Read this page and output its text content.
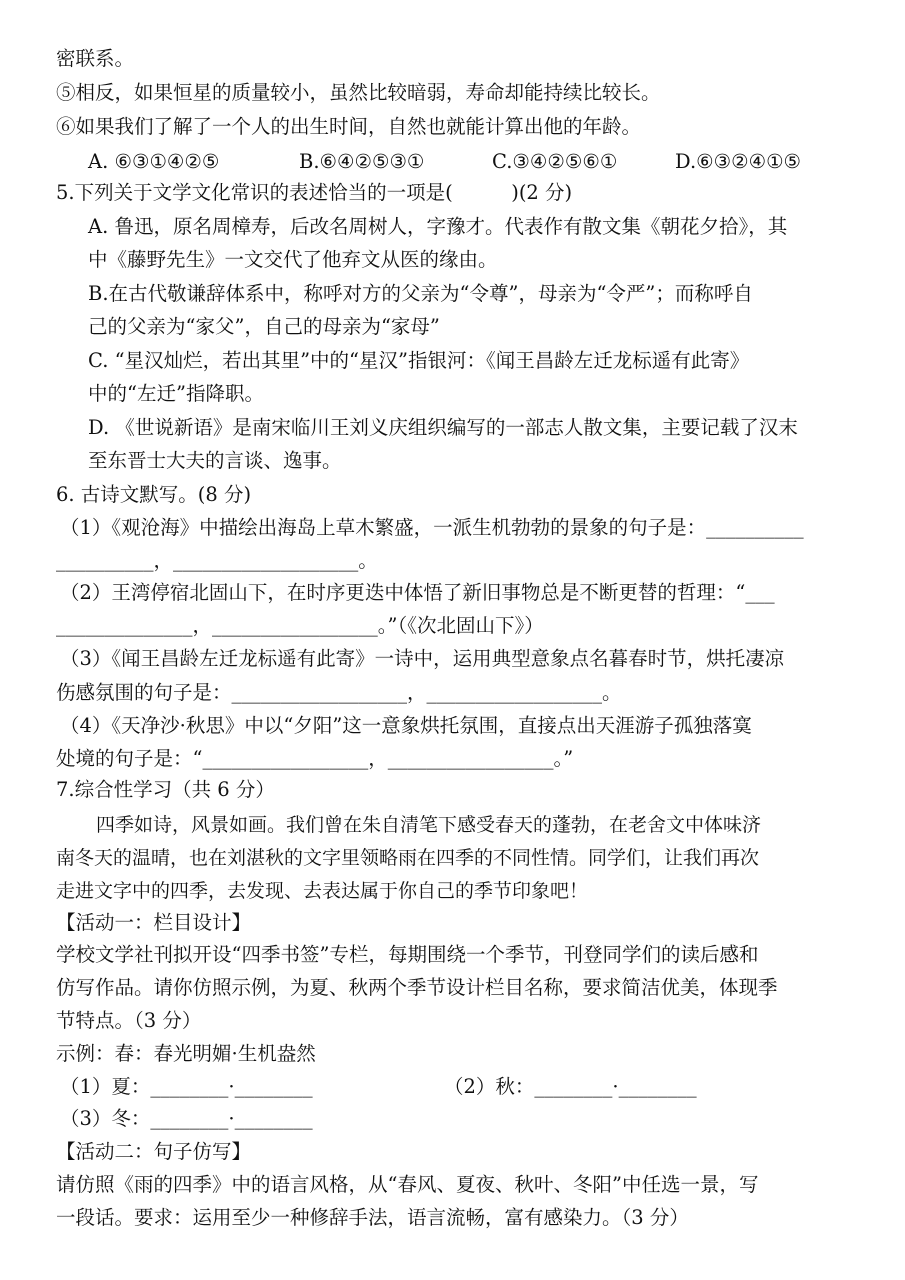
密联系。
⑤相反，如果恒星的质量较小，虽然比较暗弱，寿命却能持续比较长。
⑥如果我们了解了一个人的出生时间，自然也就能计算出他的年龄。
A. ⑥③①④②⑤	B.⑥④②⑤③①	C.③④②⑤⑥①	D.⑥③②④①⑤
5.下列关于文学文化常识的表述恰当的一项是(　　　)(2 分)
A. 鲁迅，原名周樟寿，后改名周树人，字豫才。代表作有散文集《朝花夕拾》，其
中《藤野先生》一文交代了他弃文从医的缘由。
B.在古代敬谦辞体系中，称呼对方的父亲为“令尊”，母亲为“令严”；而称呼自
己的父亲为“家父”，自己的母亲为“家母”
C. “星汉灿烂，若出其里”中的“星汉”指银河：《闻王昌龄左迁龙标遥有此寄》
中的“左迁”指降职。
D. 《世说新语》是南宋临川王刘义庆组织编写的一部志人散文集，主要记载了汉末
至东晋士大夫的言谈、逸事。
6. 古诗文默写。(8 分)
（1）《观沧海》中描绘出海岛上草木繁盛，一派生机勃勃的景象的句子是：__________
__________，___________________。
（2）王湾停宿北固山下，在时序更迭中体悟了新旧事物总是不断更替的哲理：“___
______________，_________________。”（《次北固山下》）
（3）《闻王昌龄左迁龙标遥有此寄》一诗中，运用典型意象点名暮春时节，烘托凄凉
伤感氛围的句子是：__________________，__________________。
（4）《天净沙·秋思》中以“夕阳”这一意象烘托氛围，直接点出天涯游子孤独落寞
处境的句子是：“_________________，_________________。”
7.综合性学习（共 6 分）
四季如诗，风景如画。我们曾在朱自清笔下感受春天的蓬勃，在老舍文中体味济
南冬天的温晴，也在刘湛秋的文字里领略雨在四季的不同性情。同学们，让我们再次
走进文字中的四季，去发现、去表达属于你自己的季节印象吧！
【活动一：栏目设计】
学校文学社刊拟开设“四季书签”专栏，每期围绕一个季节，刊登同学们的读后感和
仿写作品。请你仿照示例，为夏、秋两个季节设计栏目名称，要求简洁优美，体现季
节特点。（3 分）
示例：春：春光明媚·生机盎然
（1）夏：________·________	（2）秋：________·________
（3）冬：________·________
【活动二：句子仿写】
请仿照《雨的四季》中的语言风格，从“春风、夏夜、秋叶、冬阳”中任选一景，写
一段话。要求：运用至少一种修辞手法，语言流畅，富有感染力。（3 分）
